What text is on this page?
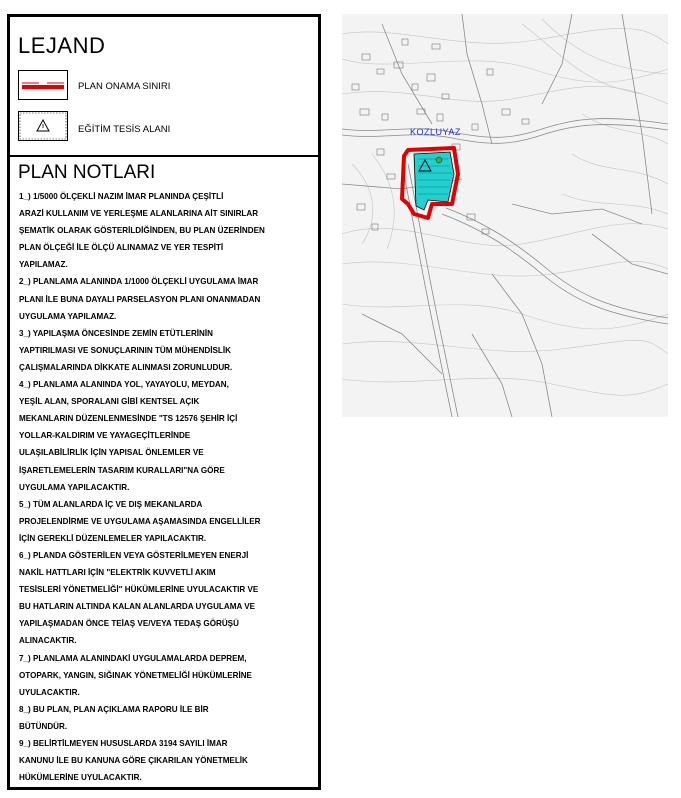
LEJAND
PLAN ONAMA SINIRI
EĞİTİM TESİS ALANI
PLAN NOTLARI
1_) 1/5000 ÖLÇEKLİ NAZIM İMAR PLANINDA ÇEŞİTLİ
ARAZİ KULLANIM VE YERLEŞME ALANLARINA AİT SINIRLAR
ŞEMATİK OLARAK GÖSTERİLDİĞİNDEN, BU PLAN ÜZERİNDEN
PLAN ÖLÇEĞİ İLE ÖLÇÜ ALINAMAZ VE YER TESPİTİ
YAPILAMAZ.
2_) PLANLAMA ALANINDA 1/1000 ÖLÇEKLİ UYGULAMA İMAR
PLANI İLE BUNA DAYALI PARSELASYON PLANI ONANMADAN
UYGULAMA YAPILAMAZ.
3_) YAPILAŞMA ÖNCESİNDE ZEMİN ETÜTLERİNİN
YAPTIRILMASI VE SONUÇLARININ TÜM MÜHENDİSLİK
ÇALIŞMALARINDA DİKKATE ALINMASI ZORUNLUDUR.
4_) PLANLAMA ALANINDA YOL, YAYAYOLU, MEYDAN,
YEŞİL ALAN, SPORALANI GİBİ KENTSEL AÇIK
MEKANLARIN DÜZENLENMESİNDE "TS 12576 ŞEHİR İÇİ
YOLLAR-KALDIRIM VE YAYAGEÇİTLERİNDE
ULAŞILABİLİRLİK İÇİN YAPISAL ÖNLEMLER VE
İŞARETLEMELERİN TASARIM KURALLARI"NA GÖRE
UYGULAMA YAPILACAKTIR.
5_) TÜM ALANLARDA İÇ VE DIŞ MEKANLARDA
PROJELENDİRME VE UYGULAMA AŞAMASINDA ENGELLİLER
İÇİN GEREKLİ DÜZENLEMELER YAPILACAKTIR.
6_) PLANDA GÖSTERİLEN VEYA GÖSTERİLMEYEN ENERJİ
NAKİL HATTLARI İÇİN "ELEKTRİK KUVVETLİ AKIM
TESİSLERİ YÖNETMELİĞİ" HÜKÜMLERİNE UYULACAKTIR VE
BU HATLARIN ALTINDA KALAN ALANLARDA UYGULAMA VE
YAPILAŞMADAN ÖNCE TEİAŞ VE/VEYA TEDAŞ GÖRÜŞÜ
ALINACAKTIR.
7_) PLANLAMA ALANINDAKİ UYGULAMALARDA DEPREM,
OTOPARK, YANGIN, SIĞINAK YÖNETMELİĞİ HÜKÜMLERİNE
UYULACAKTIR.
8_) BU PLAN, PLAN AÇIKLAMA RAPORU İLE BİR
BÜTÜNDÜR.
9_) BELİRTİLMEYEN HUSUSLARDA 3194 SAYILI İMAR
KANUNU İLE BU KANUNA GÖRE ÇIKARILAN YÖNETMELİK
HÜKÜMLERİNE UYULACAKTIR.
KOZLUYAZ
